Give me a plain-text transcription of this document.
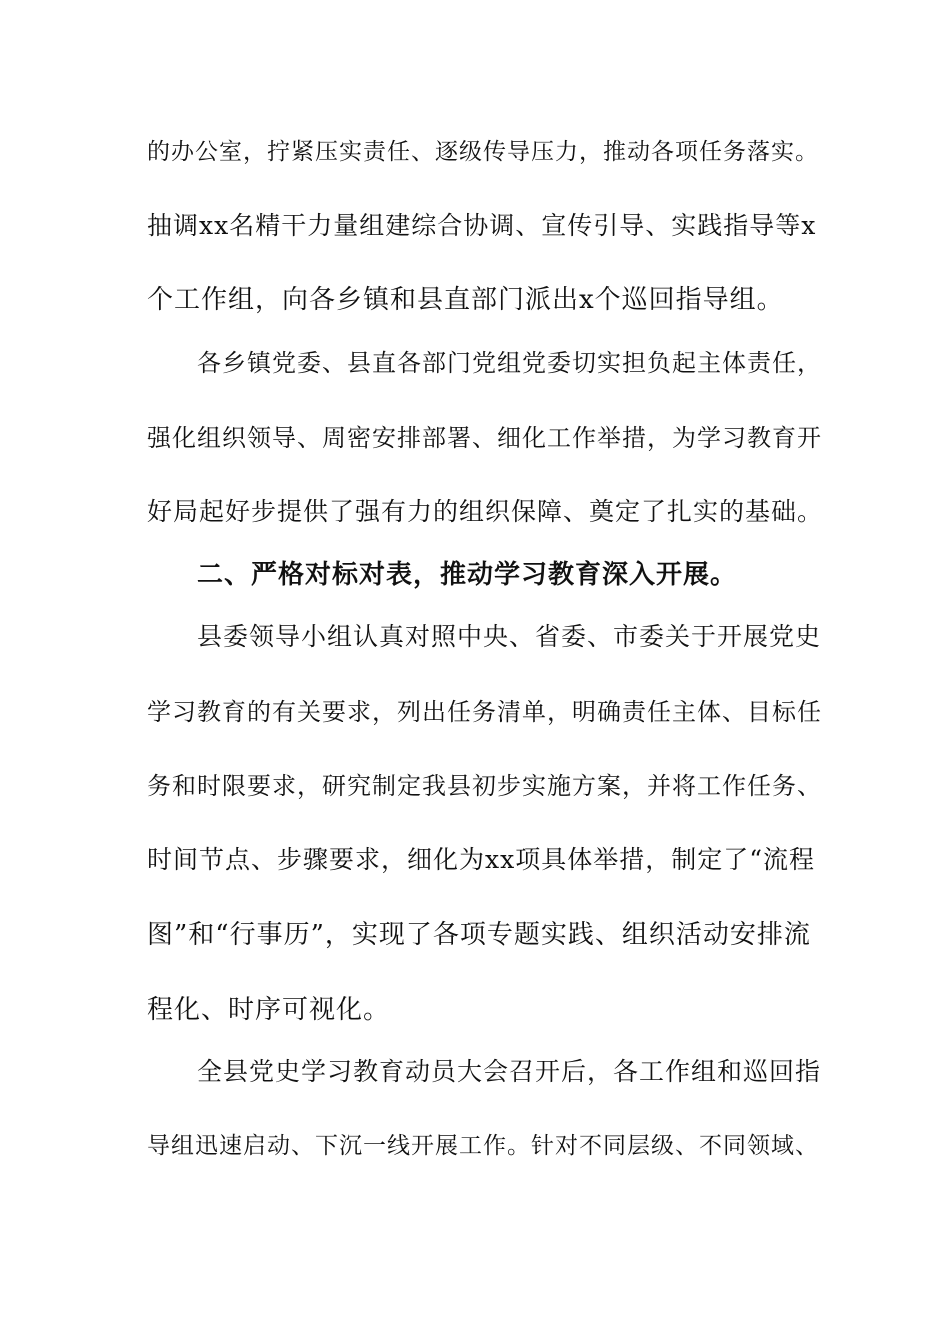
的办公室，拧紧压实责任、逐级传导压力，推动各项任务落实。
抽调xx名精干力量组建综合协调、宣传引导、实践指导等x
个工作组，向各乡镇和县直部门派出x个巡回指导组。
各乡镇党委、县直各部门党组党委切实担负起主体责任，
强化组织领导、周密安排部署、细化工作举措，为学习教育开
好局起好步提供了强有力的组织保障、奠定了扎实的基础。
二、严格对标对表，推动学习教育深入开展。
县委领导小组认真对照中央、省委、市委关于开展党史
学习教育的有关要求，列出任务清单，明确责任主体、目标任
务和时限要求，研究制定我县初步实施方案，并将工作任务、
时间节点、步骤要求，细化为xx项具体举措，制定了“流程
图”和“行事历”，实现了各项专题实践、组织活动安排流
程化、时序可视化。
全县党史学习教育动员大会召开后，各工作组和巡回指
导组迅速启动、下沉一线开展工作。针对不同层级、不同领域、
